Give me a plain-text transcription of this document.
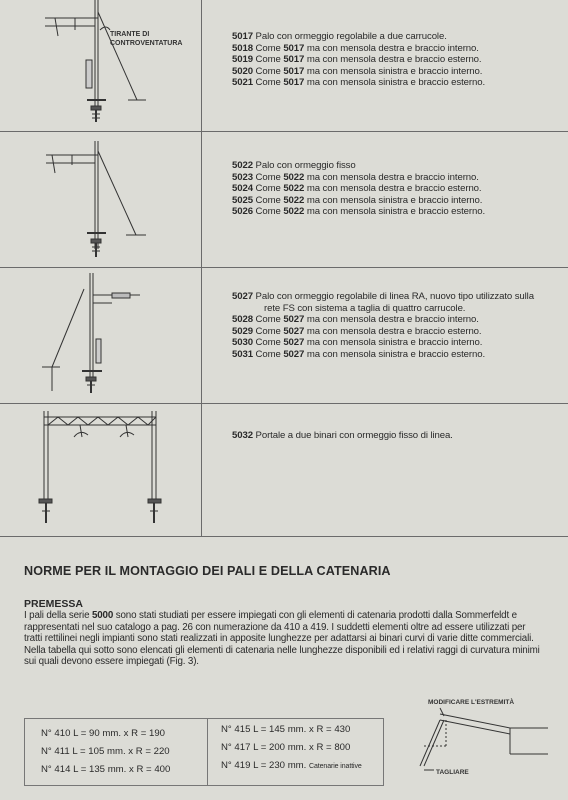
TIRANTE DI
CONTROVENTATURA
5017 Palo con ormeggio regolabile a due carrucole.
5018 Come 5017 ma con mensola destra e braccio interno.
5019 Come 5017 ma con mensola destra e braccio esterno.
5020 Come 5017 ma con mensola sinistra e braccio interno.
5021 Come 5017 ma con mensola sinistra e braccio esterno.
5022 Palo con ormeggio fisso
5023 Come 5022 ma con mensola destra e braccio interno.
5024 Come 5022 ma con mensola destra e braccio esterno.
5025 Come 5022 ma con mensola sinistra e braccio interno.
5026 Come 5022 ma con mensola sinistra e braccio esterno.
5027 Palo con ormeggio regolabile di linea RA, nuovo tipo utilizzato sulla
rete FS con sistema a taglia di quattro carrucole.
5028 Come 5027 ma con mensola destra e braccio interno.
5029 Come 5027 ma con mensola destra e braccio esterno.
5030 Come 5027 ma con mensola sinistra e braccio interno.
5031 Come 5027 ma con mensola sinistra e braccio esterno.
5032 Portale a due binari con ormeggio fisso di linea.
NORME PER IL MONTAGGIO DEI PALI E DELLA CATENARIA
PREMESSA
I pali della serie 5000 sono stati studiati per essere impiegati con gli elementi di catenaria prodotti dalla Sommerfeldt e
rappresentati nel suo catalogo a pag. 26 con numerazione da 410 a 419. I suddetti elementi oltre ad essere utilizzati per
tratti rettilinei negli impianti sono stati realizzati in apposite lunghezze per adattarsi ai binari curvi di varie ditte commerciali.
Nella tabella qui sotto sono elencati gli elementi di catenaria nelle lunghezze disponibili ed i relativi raggi di curvatura minimi
sui quali devono essere impiegati (Fig. 3).
N° 410 L = 90 mm. x R = 190
N° 411 L = 105 mm. x R = 220
N° 414 L = 135 mm. x R = 400
N° 415 L = 145 mm. x R = 430
N° 417 L = 200 mm. x R = 800
N° 419 L = 230 mm. Catenarie inattive
MODIFICARE L'ESTREMITÀ
TAGLIARE
